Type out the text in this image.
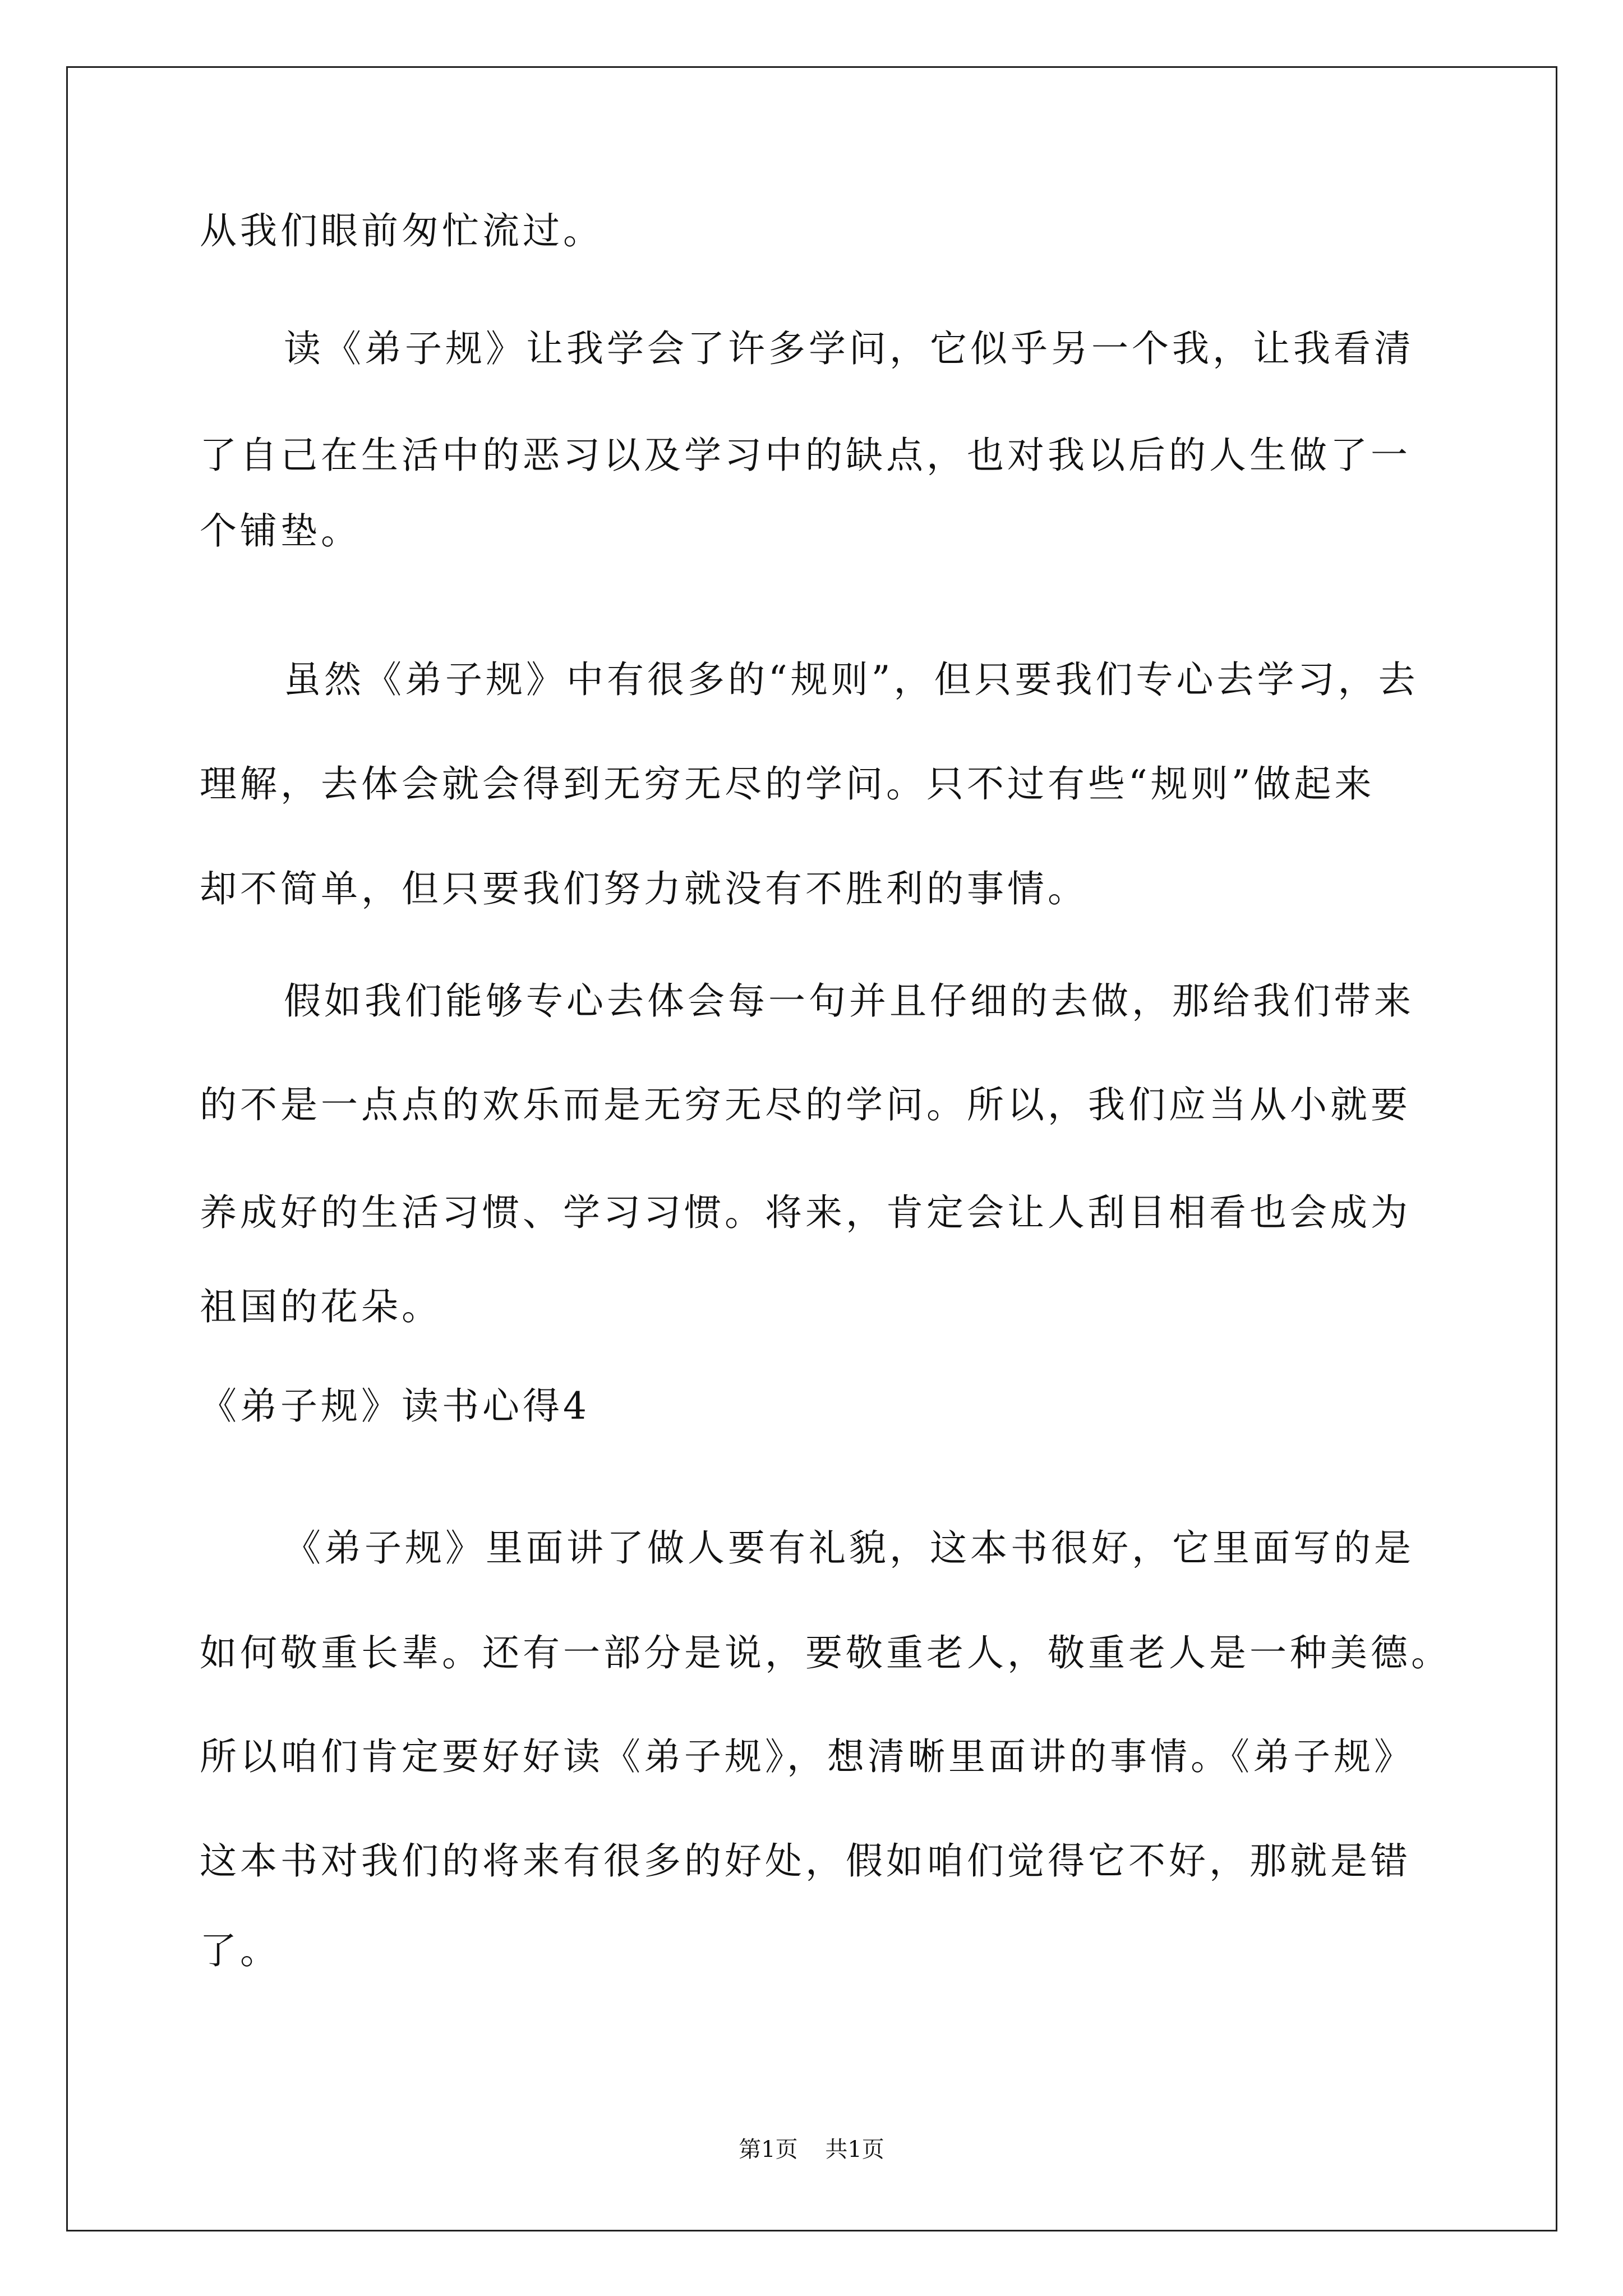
从我们眼前匆忙流过。

读《弟子规》让我学会了许多学问，它似乎另一个我，让我看清

了自己在生活中的恶习以及学习中的缺点，也对我以后的人生做了一

个铺垫。

虽然《弟子规》中有很多的“规则”，但只要我们专心去学习，去

理解，去体会就会得到无穷无尽的学问。只不过有些“规则”做起来

却不简单，但只要我们努力就没有不胜利的事情。

假如我们能够专心去体会每一句并且仔细的去做，那给我们带来

的不是一点点的欢乐而是无穷无尽的学问。所以，我们应当从小就要

养成好的生活习惯、学习习惯。将来，肯定会让人刮目相看也会成为

祖国的花朵。

《弟子规》读书心得4

《弟子规》里面讲了做人要有礼貌，这本书很好，它里面写的是

如何敬重长辈。还有一部分是说，要敬重老人，敬重老人是一种美德。

所以咱们肯定要好好读《弟子规》，想清晰里面讲的事情。《弟子规》

这本书对我们的将来有很多的好处，假如咱们觉得它不好，那就是错

了。

第1页 共1页
